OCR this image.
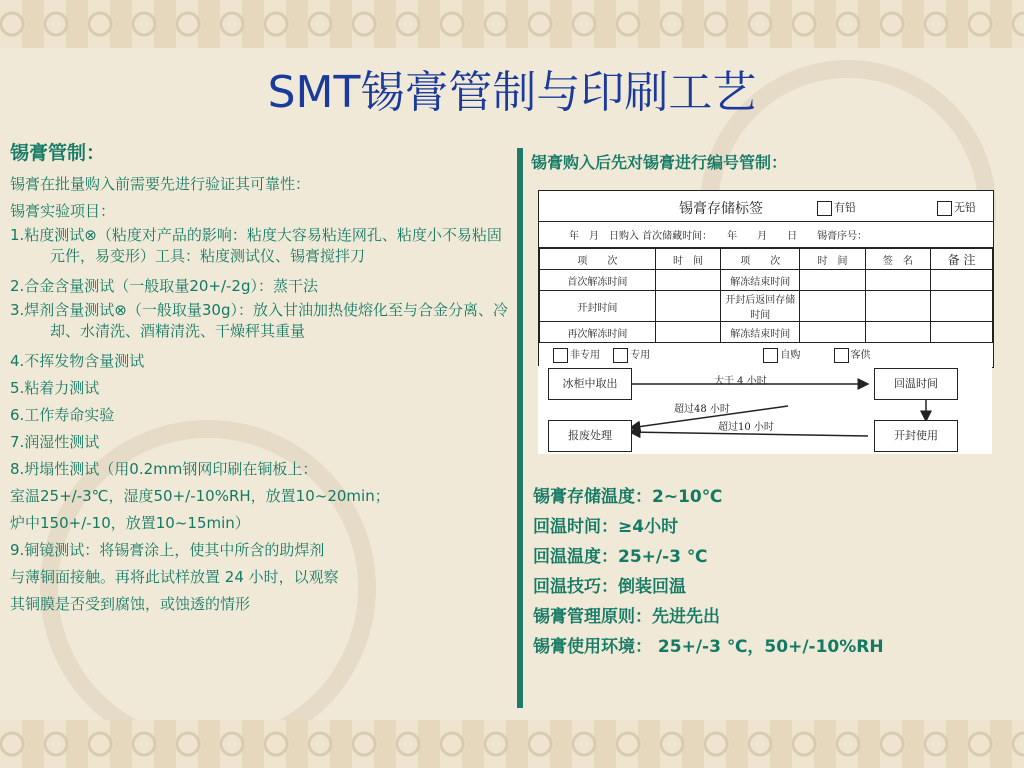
SMT锡膏管制与印刷工艺
锡膏管制：
锡膏在批量购入前需要先进行验证其可靠性：
锡膏实验项目：
1.粘度测试⊗（粘度对产品的影响：粘度大容易粘连网孔、粘度小不易粘固元件，易变形）工具：粘度测试仪、锡膏搅拌刀
2.合金含量测试（一般取量20+/-2g）：蒸干法
3.焊剂含量测试⊗（一般取量30g）：放入甘油加热使熔化至与合金分离、冷却、水清洗、酒精清洗、干燥秤其重量
4.不挥发物含量测试
5.粘着力测试
6.工作寿命实验
7.润湿性测试
8.坍塌性测试（用0.2mm钢网印刷在铜板上：
室温25+/-3℃，湿度50+/-10%RH，放置10~20min；
炉中150+/-10，放置10~15min）
9.铜镜测试：将锡膏涂上，使其中所含的助焊剂
与薄铜面接触。再将此试样放置 24 小时，以观察
其铜膜是否受到腐蚀，或蚀透的情形
锡膏购入后先对锡膏进行编号管制：
锡膏存储标签	有铅	无铅
年　月　日购入 首次储藏时间：　　年　　月　　日　　锡膏序号：
项　　次	时　间	项　　次	时　间	签　名	备 注
首次解冻时间		解冻结束时间			
开封时间		开封后返回存储时间			
再次解冻时间		解冻结束时间			
非专用	专用	自购	客供
冰柜中取出	回温时间
报废处理	开封使用
大于 4 小时
超过48 小时
超过10 小时
锡膏存储温度：2~10℃
回温时间：≥4小时
回温温度：25+/-3 ℃
回温技巧：倒装回温
锡膏管理原则：先进先出
锡膏使用环境： 25+/-3 ℃，50+/-10%RH
